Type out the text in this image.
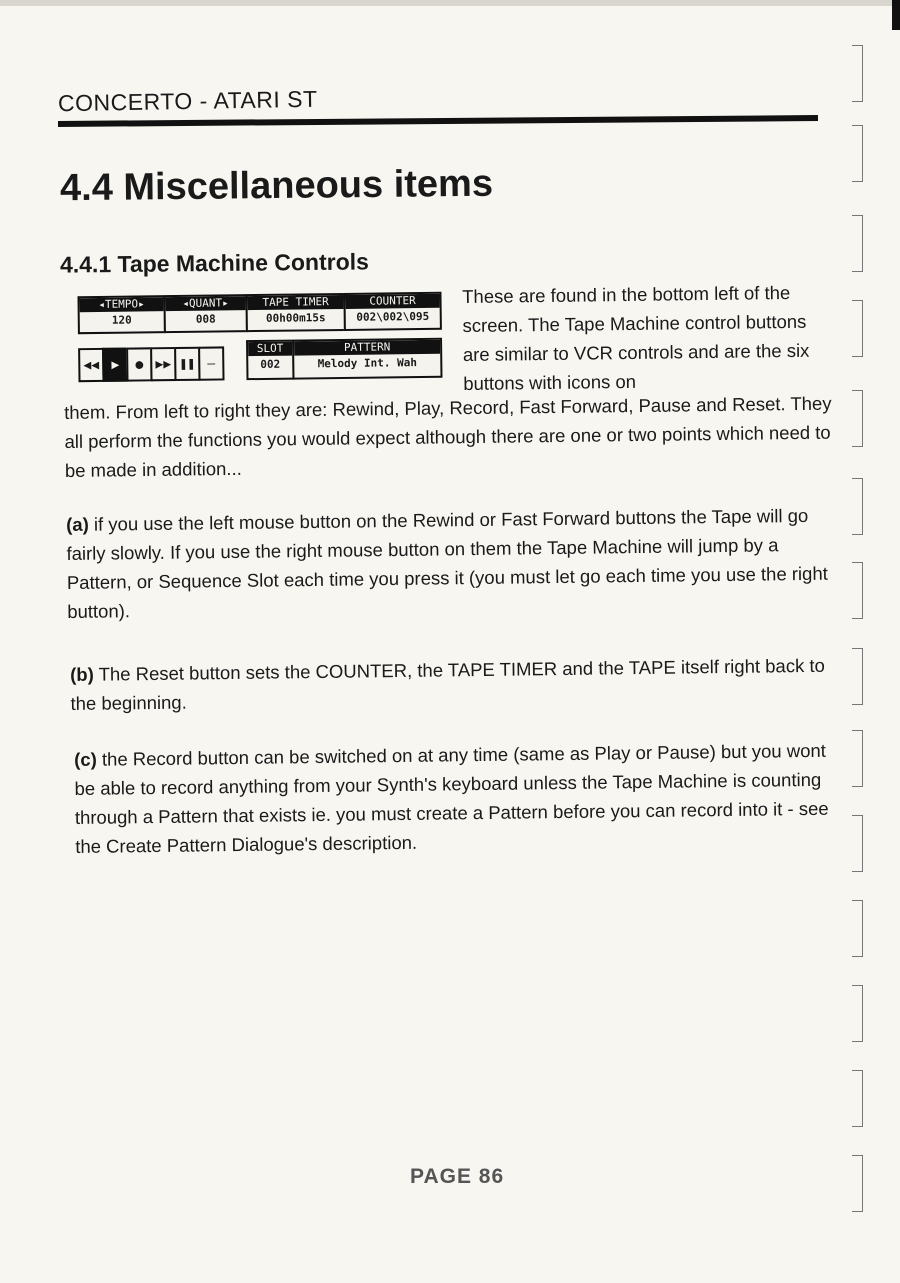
CONCERTO - ATARI ST
4.4 Miscellaneous items
4.4.1 Tape Machine Controls
◂TEMPO▸
120
◂QUANT▸
008
TAPE TIMER
00h00m15s
COUNTER
002\002\095
◀◀ ▶ ● ▶▶ ❚❚ —
SLOT
002
PATTERN
Melody Int. Wah
These are found in the bottom left of the screen. The Tape Machine control buttons are similar to VCR controls and are the six buttons with icons on
them. From left to right they are: Rewind, Play, Record, Fast Forward, Pause and Reset. They all perform the functions you would expect although there are one or two points which need to be made in addition...
(a) if you use the left mouse button on the Rewind or Fast Forward buttons the Tape will go fairly slowly. If you use the right mouse button on them the Tape Machine will jump by a Pattern, or Sequence Slot each time you press it (you must let go each time you use the right button).
(b) The Reset button sets the COUNTER, the TAPE TIMER and the TAPE itself right back to the beginning.
(c) the Record button can be switched on at any time (same as Play or Pause) but you wont be able to record anything from your Synth's keyboard unless the Tape Machine is counting through a Pattern that exists ie. you must create a Pattern before you can record into it - see the Create Pattern Dialogue's description.
PAGE 86
